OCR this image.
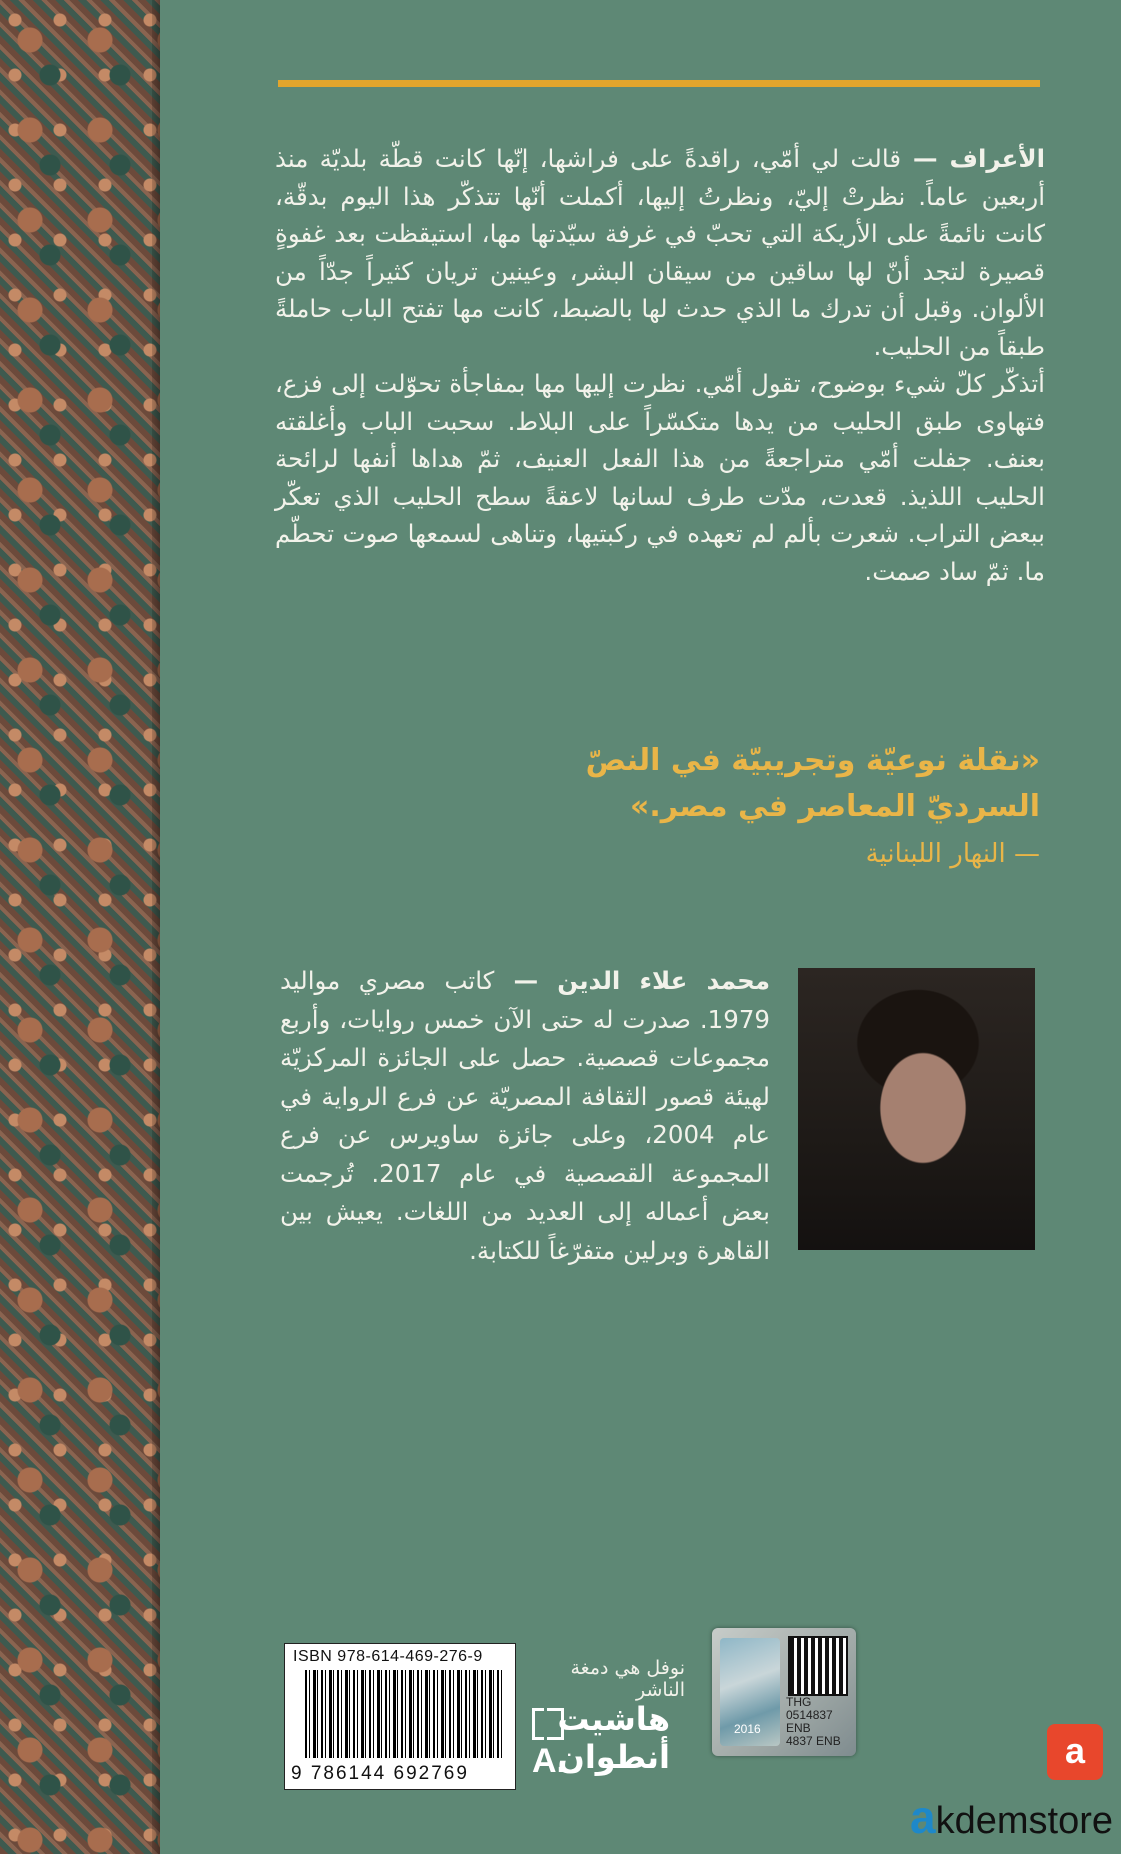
الأعراف — قالت لي أمّي، راقدةً على فراشها، إنّها كانت قطّة بلديّة منذ أربعين عاماً. نظرتْ إليّ، ونظرتُ إليها، أكملت أنّها تتذكّر هذا اليوم بدقّة، كانت نائمةً على الأريكة التي تحبّ في غرفة سيّدتها مها، استيقظت بعد غفوةٍ قصيرة لتجد أنّ لها ساقين من سيقان البشر، وعينين تريان كثيراً جدّاً من الألوان. وقبل أن تدرك ما الذي حدث لها بالضبط، كانت مها تفتح الباب حاملةً طبقاً من الحليب.

أتذكّر كلّ شيء بوضوح، تقول أمّي. نظرت إليها مها بمفاجأة تحوّلت إلى فزع، فتهاوى طبق الحليب من يدها متكسّراً على البلاط. سحبت الباب وأغلقته بعنف. جفلت أمّي متراجعةً من هذا الفعل العنيف، ثمّ هداها أنفها لرائحة الحليب اللذيذ. قعدت، مدّت طرف لسانها لاعقةً سطح الحليب الذي تعكّر ببعض التراب. شعرت بألم لم تعهده في ركبتيها، وتناهى لسمعها صوت تحطّم ما. ثمّ ساد صمت.

«نقلة نوعيّة وتجريبيّة في النصّ السرديّ المعاصر في مصر.»
— النهار اللبنانية
محمد علاء الدين — كاتب مصري مواليد 1979. صدرت له حتى الآن خمس روايات، وأربع مجموعات قصصية. حصل على الجائزة المركزيّة لهيئة قصور الثقافة المصريّة عن فرع الرواية في عام 2004، وعلى جائزة ساويرس عن فرع المجموعة القصصية في عام 2017. تُرجمت بعض أعماله إلى العديد من اللغات. يعيش بين القاهرة وبرلين متفرّغاً للكتابة.
ISBN 978-614-469-276-9
9 786144 692769
نوفل هي دمغة الناشر
هاشيت
A.
أنطوان
2016
THG
0514837
ENB
4837 ENB	a
akdemstore
